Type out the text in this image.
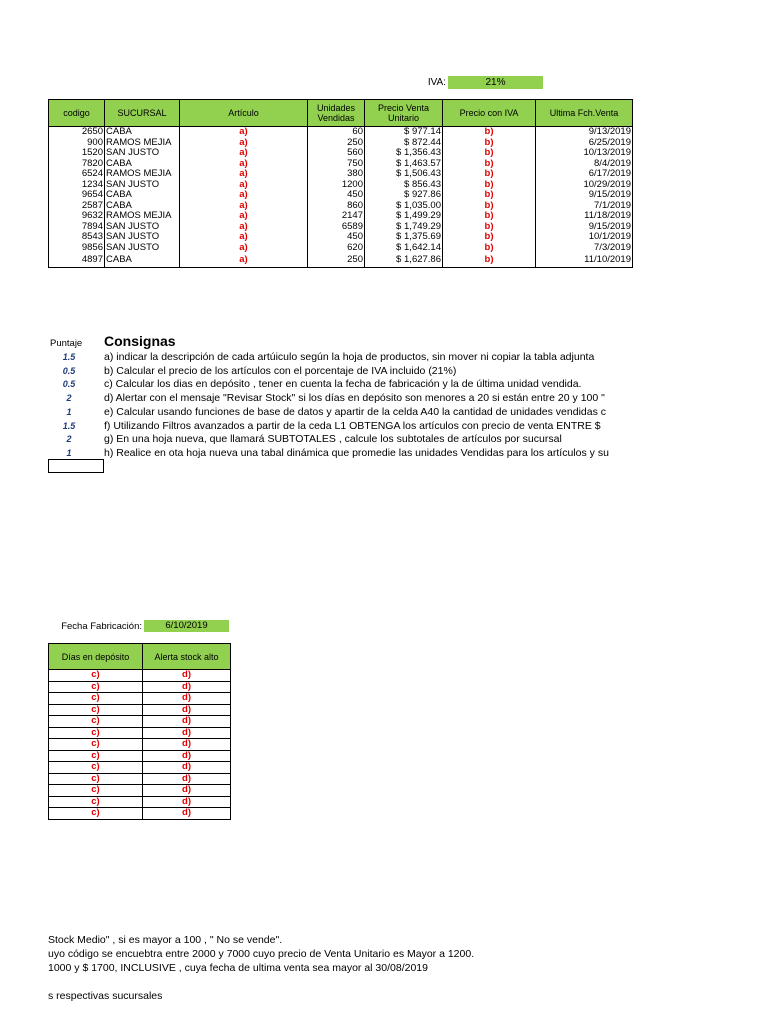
IVA:	21%
codigo	SUCURSAL	Artículo	Unidades Vendidas	Precio Venta Unitario	Precio con IVA	Ultima Fch.Venta
2650	CABA	a)	60	$ 977.14	b)	9/13/2019
900	RAMOS MEJIA	a)	250	$ 872.44	b)	6/25/2019
1520	SAN JUSTO	a)	560	$ 1,356.43	b)	10/13/2019
7820	CABA	a)	750	$ 1,463.57	b)	8/4/2019
6524	RAMOS MEJIA	a)	380	$ 1,506.43	b)	6/17/2019
1234	SAN JUSTO	a)	1200	$ 856.43	b)	10/29/2019
9654	CABA	a)	450	$ 927.86	b)	9/15/2019
2587	CABA	a)	860	$ 1,035.00	b)	7/1/2019
9632	RAMOS MEJIA	a)	2147	$ 1,499.29	b)	11/18/2019
7894	SAN JUSTO	a)	6589	$ 1,749.29	b)	9/15/2019
8543	SAN JUSTO	a)	450	$ 1,375.69	b)	10/1/2019
9856	SAN JUSTO	a)	620	$ 1,642.14	b)	7/3/2019
4897	CABA	a)	250	$ 1,627.86	b)	11/10/2019
Puntaje Consignas
1.5	a) indicar la descripción de cada artúiculo según la hoja de productos, sin mover ni copiar la tabla adjunta
0.5	b) Calcular el precio de los artículos con el porcentaje de IVA incluido (21%)
0.5	c) Calcular los dias en depósito , tener en cuenta la fecha de fabricación y la de última unidad vendida.
2	d) Alertar con el mensaje "Revisar Stock" si los días en depósito son menores a 20 si están entre 20 y 100 "
1	e) Calcular usando funciones de base de datos y apartir de la celda A40 la cantidad de unidades vendidas c
1.5	f) Utilizando Filtros avanzados a partir de la ceda L1 OBTENGA los artículos con precio de venta ENTRE $
2	g) En una hoja nueva, que llamará SUBTOTALES , calcule los subtotales de artículos por sucursal
1	h) Realice en ota hoja nueva una tabal dinámica que promedie las unidades Vendidas para los artículos y su
Fecha Fabricación:	6/10/2019
Días en depósito	Alerta stock alto
c)	d)
c)	d)
c)	d)
c)	d)
c)	d)
c)	d)
c)	d)
c)	d)
c)	d)
c)	d)
c)	d)
c)	d)
c)	d)
Stock Medio" , si es mayor a 100 , " No se vende".
uyo código se encuebtra entre 2000 y 7000 cuyo precio de Venta Unitario es Mayor a 1200.
1000 y $ 1700, INCLUSIVE , cuya fecha de ultima venta sea mayor al 30/08/2019
s respectivas sucursales
